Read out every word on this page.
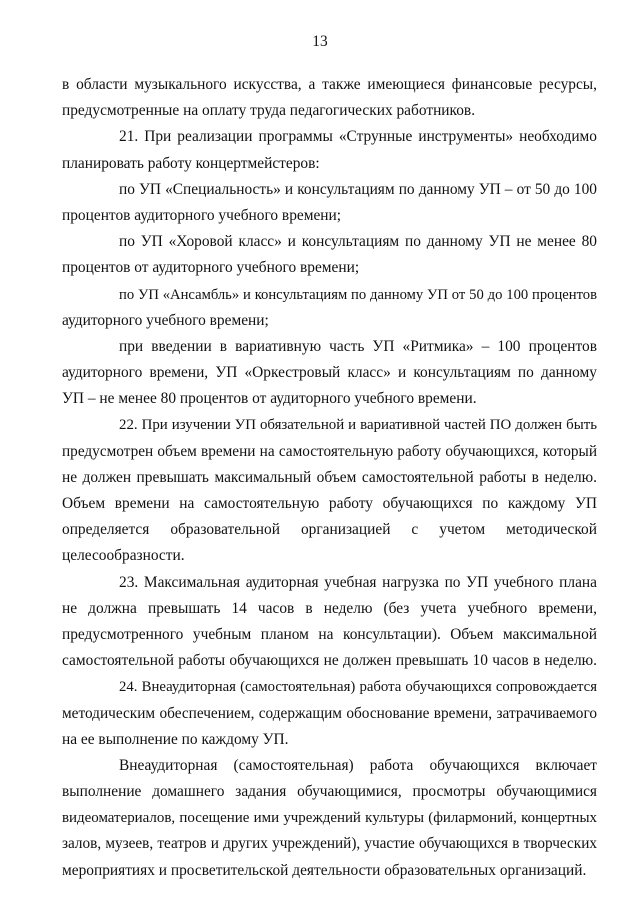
13
в области музыкального искусства, а также имеющиеся финансовые ресурсы,
предусмотренные на оплату труда педагогических работников.
21. При реализации программы «Струнные инструменты» необходимо
планировать работу концертмейстеров:
по УП «Специальность» и консультациям по данному УП – от 50 до 100
процентов аудиторного учебного времени;
по УП «Хоровой класс» и консультациям по данному УП не менее 80
процентов от аудиторного учебного времени;
по УП «Ансамбль» и консультациям по данному УП от 50 до 100 процентов
аудиторного учебного времени;
при введении в вариативную часть УП «Ритмика» – 100 процентов
аудиторного времени, УП «Оркестровый класс» и консультациям по данному
УП – не менее 80 процентов от аудиторного учебного времени.
22. При изучении УП обязательной и вариативной частей ПО должен быть
предусмотрен объем времени на самостоятельную работу обучающихся, который
не должен превышать максимальный объем самостоятельной работы в неделю.
Объем времени на самостоятельную работу обучающихся по каждому УП
определяется образовательной организацией с учетом методической
целесообразности.
23. Максимальная аудиторная учебная нагрузка по УП учебного плана
не должна превышать 14 часов в неделю (без учета учебного времени,
предусмотренного учебным планом на консультации). Объем максимальной
самостоятельной работы обучающихся не должен превышать 10 часов в неделю.
24. Внеаудиторная (самостоятельная) работа обучающихся сопровождается
методическим обеспечением, содержащим обоснование времени, затрачиваемого
на ее выполнение по каждому УП.
Внеаудиторная (самостоятельная) работа обучающихся включает
выполнение домашнего задания обучающимися, просмотры обучающимися
видеоматериалов, посещение ими учреждений культуры (филармоний, концертных
залов, музеев, театров и других учреждений), участие обучающихся в творческих
мероприятиях и просветительской деятельности образовательных организаций.
